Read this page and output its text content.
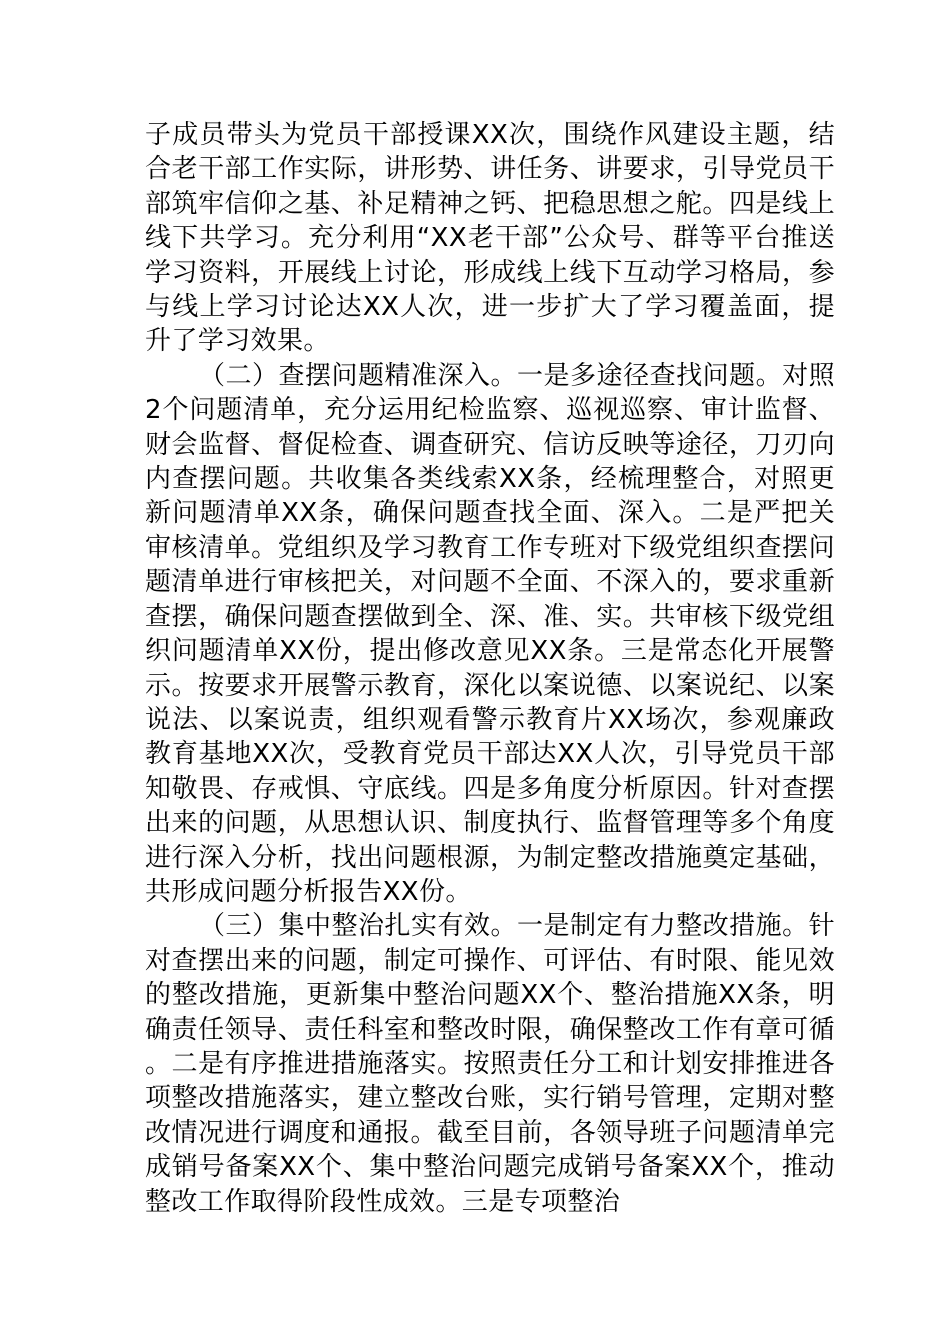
子成员带头为党员干部授课XX次，围绕作风建设主题，结合老干部工作实际，讲形势、讲任务、讲要求，引导党员干部筑牢信仰之基、补足精神之钙、把稳思想之舵。四是线上线下共学习。充分利用“XX老干部”公众号、群等平台推送学习资料，开展线上讨论，形成线上线下互动学习格局，参与线上学习讨论达XX人次，进一步扩大了学习覆盖面，提升了学习效果。

（二）查摆问题精准深入。一是多途径查找问题。对照2个问题清单，充分运用纪检监察、巡视巡察、审计监督、财会监督、督促检查、调查研究、信访反映等途径，刀刃向内查摆问题。共收集各类线索XX条，经梳理整合，对照更新问题清单XX条，确保问题查找全面、深入。二是严把关审核清单。党组织及学习教育工作专班对下级党组织查摆问题清单进行审核把关，对问题不全面、不深入的，要求重新查摆，确保问题查摆做到全、深、准、实。共审核下级党组织问题清单XX份，提出修改意见XX条。三是常态化开展警示。按要求开展警示教育，深化以案说德、以案说纪、以案说法、以案说责，组织观看警示教育片XX场次，参观廉政教育基地XX次，受教育党员干部达XX人次，引导党员干部知敬畏、存戒惧、守底线。四是多角度分析原因。针对查摆出来的问题，从思想认识、制度执行、监督管理等多个角度进行深入分析，找出问题根源，为制定整改措施奠定基础，共形成问题分析报告XX份。

（三）集中整治扎实有效。一是制定有力整改措施。针对查摆出来的问题，制定可操作、可评估、有时限、能见效的整改措施，更新集中整治问题XX个、整治措施XX条，明确责任领导、责任科室和整改时限，确保整改工作有章可循。二是有序推进措施落实。按照责任分工和计划安排推进各项整改措施落实，建立整改台账，实行销号管理，定期对整改情况进行调度和通报。截至目前，各领导班子问题清单完成销号备案XX个、集中整治问题完成销号备案XX个，推动整改工作取得阶段性成效。三是专项整治
